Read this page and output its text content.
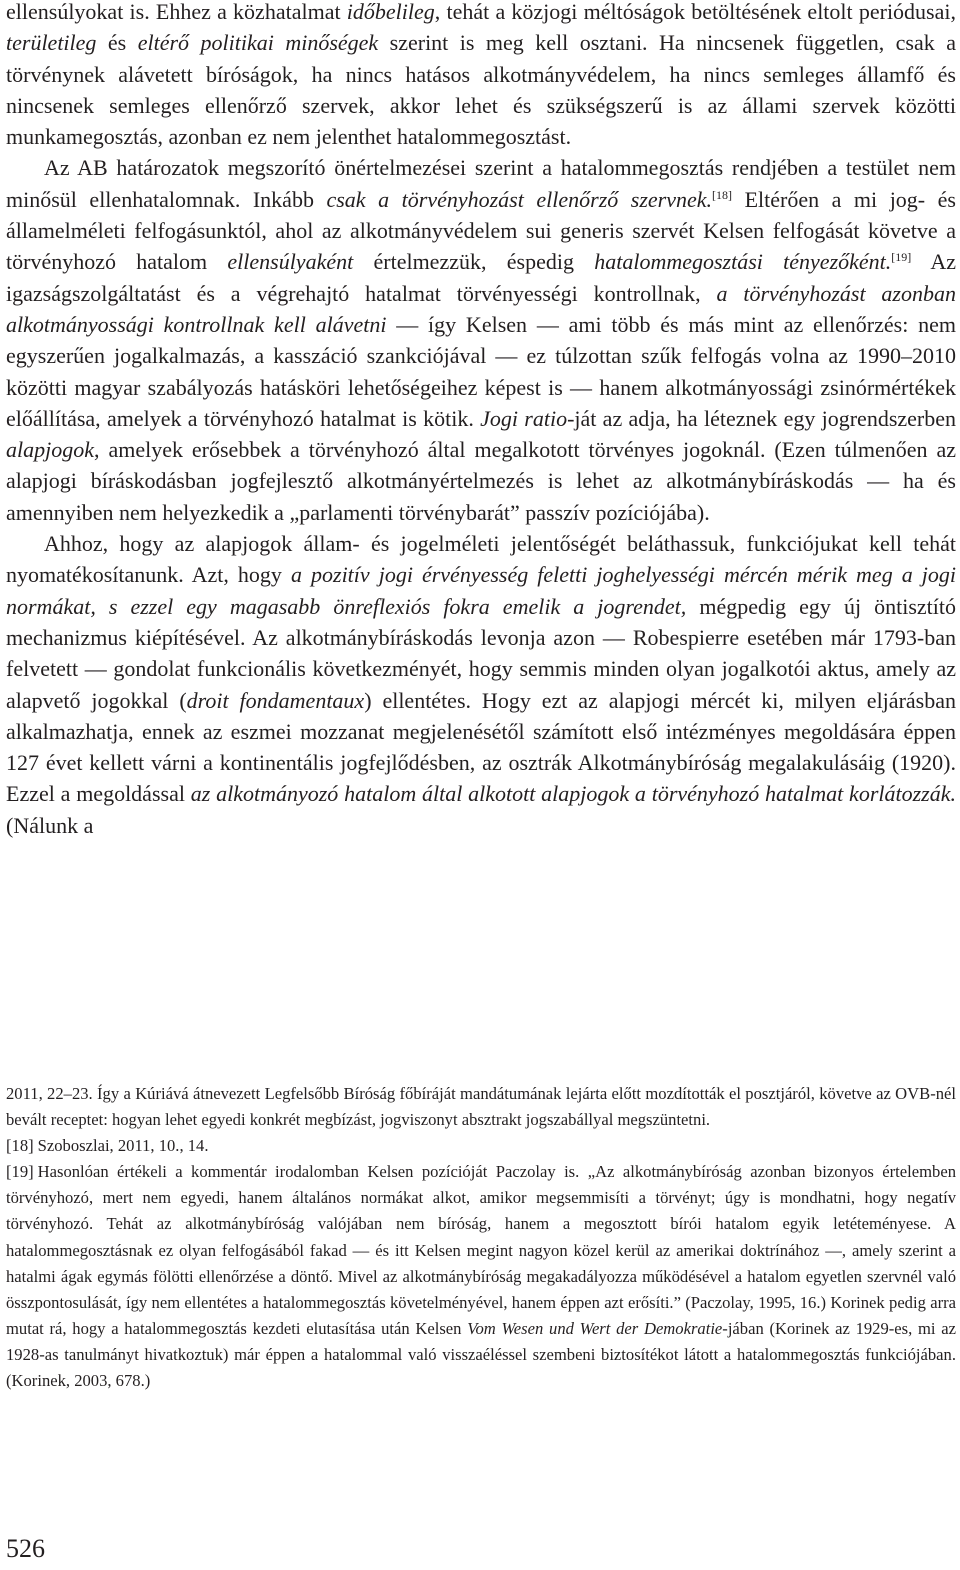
ellensúlyokat is. Ehhez a közhatalmat időbelileg, tehát a közjogi méltóságok betöltésének eltolt periódusai, területileg és eltérő politikai minőségek szerint is meg kell osztani. Ha nincsenek független, csak a törvénynek alávetett bíróságok, ha nincs hatásos alkotmányvédelem, ha nincs semleges államfő és nincsenek semleges ellenőrző szervek, akkor lehet és szükségszerű is az állami szervek közötti munkamegosztás, azonban ez nem jelenthet hatalommegosztást.

Az AB határozatok megszorító önértelmezései szerint a hatalommegosztás rendjében a testület nem minősül ellenhatalomnak. Inkább csak a törvényhozást ellenőrző szervnek.[18] Eltérően a mi jog- és államelméleti felfogásunktól, ahol az alkotmányvédelem sui generis szervét Kelsen felfogását követve a törvényhozó hatalom ellensúlyaként értelmezzük, éspedig hatalommegosztási tényezőként.[19] Az igazságszolgáltatást és a végrehajtó hatalmat törvényességi kontrollnak, a törvényhozást azonban alkotmányossági kontrollnak kell alávetni — így Kelsen — ami több és más mint az ellenőrzés: nem egyszerűen jogalkalmazás, a kasszáció szankciójával — ez túlzottan szűk felfogás volna az 1990–2010 közötti magyar szabályozás hatásköri lehetőségeihez képest is — hanem alkotmányossági zsinórmértékek előállítása, amelyek a törvényhozó hatalmat is kötik. Jogi ratio-ját az adja, ha léteznek egy jogrendszerben alapjogok, amelyek erősebbek a törvényhozó által megalkotott törvényes jogoknál. (Ezen túlmenően az alapjogi bíráskodásban jogfejlesztő alkotmányértelmezés is lehet az alkotmánybíráskodás — ha és amennyiben nem helyezkedik a „parlamenti törvénybarát” passzív pozíciójába).

Ahhoz, hogy az alapjogok állam- és jogelméleti jelentőségét beláthassuk, funkciójukat kell tehát nyomatékosítanunk. Azt, hogy a pozitív jogi érvényesség feletti joghelyességi mércén mérik meg a jogi normákat, s ezzel egy magasabb önreflexiós fokra emelik a jogrendet, mégpedig egy új öntisztító mechanizmus kiépítésével. Az alkotmánybíráskodás levonja azon — Robespierre esetében már 1793-ban felvetett — gondolat funkcionális következményét, hogy semmis minden olyan jogalkotói aktus, amely az alapvető jogokkal (droit fondamentaux) ellentétes. Hogy ezt az alapjogi mércét ki, milyen eljárásban alkalmazhatja, ennek az eszmei mozzanat megjelenésétől számított első intézményes megoldására éppen 127 évet kellett várni a kontinentális jogfejlődésben, az osztrák Alkotmánybíróság megalakulásáig (1920). Ezzel a megoldással az alkotmányozó hatalom által alkotott alapjogok a törvényhozó hatalmat korlátozzák. (Nálunk a

2011, 22–23. Így a Kúriává átnevezett Legfelsőbb Bíróság főbíráját mandátumának lejárta előtt mozdították el posztjáról, követve az OVB-nél bevált receptet: hogyan lehet egyedi konkrét megbízást, jogviszonyt absztrakt jogszabállyal megszüntetni.

[18] Szoboszlai, 2011, 10., 14.

[19] Hasonlóan értékeli a kommentár irodalomban Kelsen pozícióját Paczolay is. „Az alkotmánybíróság azonban bizonyos értelemben törvényhozó, mert nem egyedi, hanem általános normákat alkot, amikor megsemmisíti a törvényt; úgy is mondhatni, hogy negatív törvényhozó. Tehát az alkotmánybíróság valójában nem bíróság, hanem a megosztott bírói hatalom egyik letéteményese. A hatalommegosztásnak ez olyan felfogásából fakad — és itt Kelsen megint nagyon közel kerül az amerikai doktrínához —, amely szerint a hatalmi ágak egymás fölötti ellenőrzése a döntő. Mivel az alkotmánybíróság megakadályozza működésével a hatalom egyetlen szervnél való összpontosulását, így nem ellentétes a hatalommegosztás követelményével, hanem éppen azt erősíti.” (Paczolay, 1995, 16.) Korinek pedig arra mutat rá, hogy a hatalommegosztás kezdeti elutasítása után Kelsen Vom Wesen und Wert der Demokratie-jában (Korinek az 1929-es, mi az 1928-as tanulmányt hivatkoztuk) már éppen a hatalommal való visszaéléssel szembeni biztosítékot látott a hatalommegosztás funkciójában. (Korinek, 2003, 678.)

526
